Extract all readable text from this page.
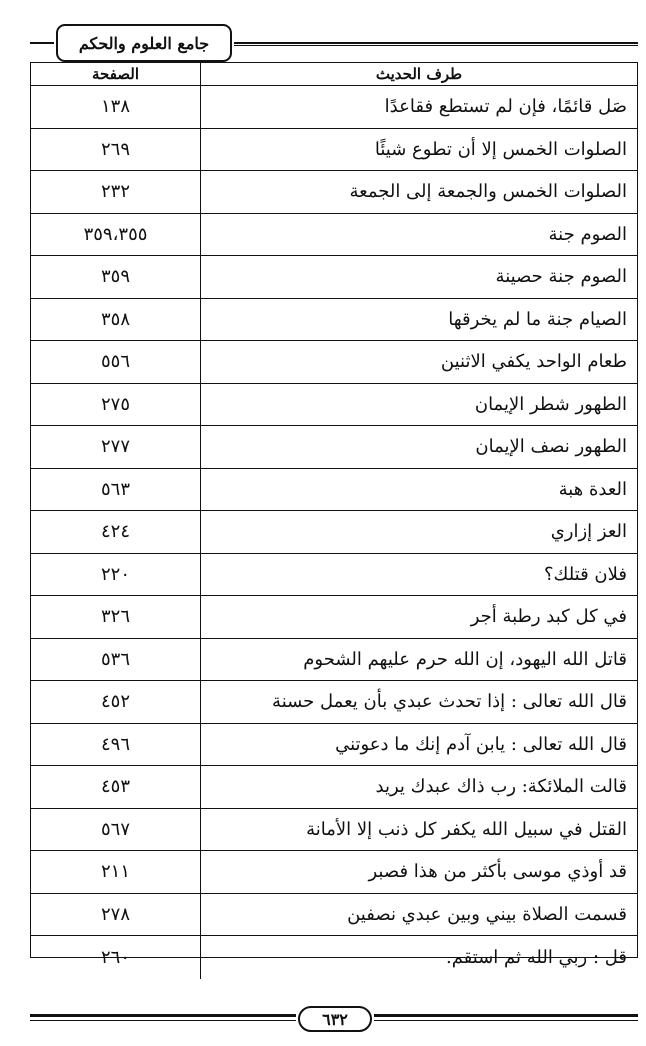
جامع العلوم والحكم
طرف الحديث
الصفحة
صَل قائمًا، فإن لم تستطع فقاعدًا
١٣٨
الصلوات الخمس إلا أن تطوع شيئًا
٢٦٩
الصلوات الخمس والجمعة إلى الجمعة
٢٣٢
الصوم جنة
٣٥٩،٣٥٥
الصوم جنة حصينة
٣٥٩
الصيام جنة ما لم يخرقها
٣٥٨
طعام الواحد يكفي الاثنين
٥٥٦
الطهور شطر الإيمان
٢٧٥
الطهور نصف الإيمان
٢٧٧
العدة هبة
٥٦٣
العز إزاري
٤٢٤
فلان قتلك؟
٢٢٠
في كل كبد رطبة أجر
٣٢٦
قاتل الله اليهود، إن الله حرم عليهم الشحوم
٥٣٦
قال الله تعالى : إذا تحدث عبدي بأن يعمل حسنة
٤٥٢
قال الله تعالى : يابن آدم إنك ما دعوتني
٤٩٦
قالت الملائكة: رب ذاك عبدك يريد
٤٥٣
القتل في سبيل الله يكفر كل ذنب إلا الأمانة
٥٦٧
قد أوذي موسى بأكثر من هذا فصبر
٢١١
قسمت الصلاة بيني وبين عبدي نصفين
٢٧٨
قل : ربي الله ثم استقم.
٢٦٠
٦٣٢
